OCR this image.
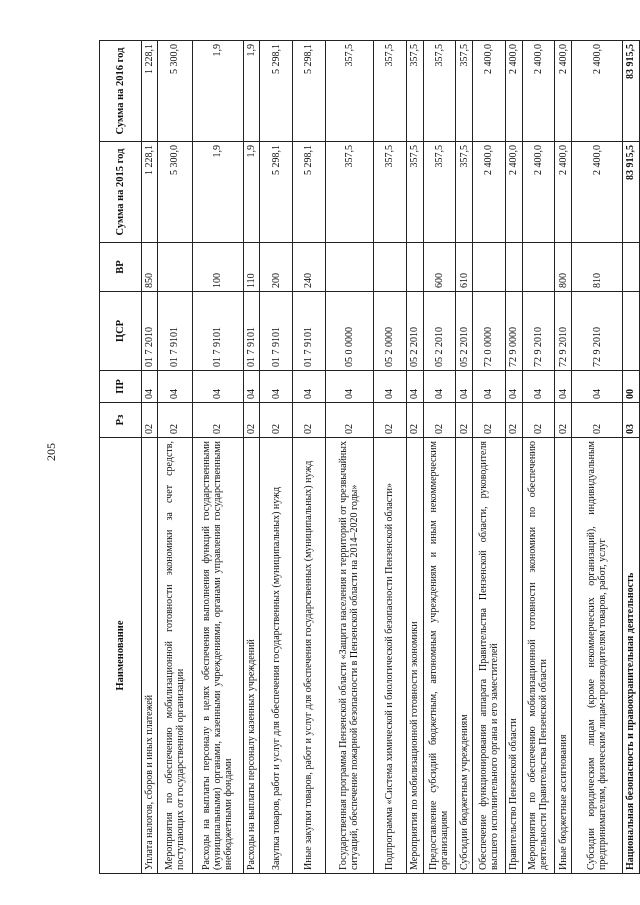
205
Наименование	Рз	ПР	ЦСР	ВР	Сумма на 2015 год	Сумма на 2016 год
Уплата налогов, сборов и иных платежей	02	04	01 7 2010	850	1 228,1	1 228,1
Мероприятия по обеспечению мобилизационной готовности экономики за счет средств, поступающих от государственной организации	02	04	01 7 9101		5 300,0	5 300,0
Расходы на выплаты персоналу в целях обеспечения выполнения функций государственными (муниципальными) органами, казенными учреждениями, органами управления государственными внебюджетными фондами	02	04	01 7 9101	100	1,9	1,9
Расходы на выплаты персоналу казенных учреждений	02	04	01 7 9101	110	1,9	1,9
Закупка товаров, работ и услуг для обеспечения государственных (муниципальных) нужд	02	04	01 7 9101	200	5 298,1	5 298,1
Иные закупки товаров, работ и услуг для обеспечения государственных (муниципальных) нужд	02	04	01 7 9101	240	5 298,1	5 298,1
Государственная программа Пензенской области «Защита населения и территорий от чрезвычайных ситуаций, обеспечение пожарной безопасности в Пензенской области на 2014–2020 годы»	02	04	05 0 0000		357,5	357,5
Подпрограмма «Система химической и биологической безопасности Пензенской области»	02	04	05 2 0000		357,5	357,5
Мероприятия по мобилизационной готовности экономики	02	04	05 2 2010		357,5	357,5
Предоставление субсидий бюджетным, автономным учреждениям и иным некоммерческим организациям	02	04	05 2 2010	600	357,5	357,5
Субсидии бюджетным учреждениям	02	04	05 2 2010	610	357,5	357,5
Обеспечение функционирования аппарата Правительства Пензенской области, руководителя высшего исполнительного органа и его заместителей	02	04	72 0 0000		2 400,0	2 400,0
Правительство Пензенской области	02	04	72 9 0000		2 400,0	2 400,0
Мероприятия по обеспечению мобилизационной готовности экономики по обеспечению деятельности Правительства Пензенской области	02	04	72 9 2010		2 400,0	2 400,0
Иные бюджетные ассигнования	02	04	72 9 2010	800	2 400,0	2 400,0
Субсидии юридическим лицам (кроме некоммерческих организаций), индивидуальным предпринимателям, физическим лицам-производителям товаров, работ, услуг	02	04	72 9 2010	810	2 400,0	2 400,0
Национальная безопасность и правоохранительная деятельность	03	00			83 915,5	83 915,5
